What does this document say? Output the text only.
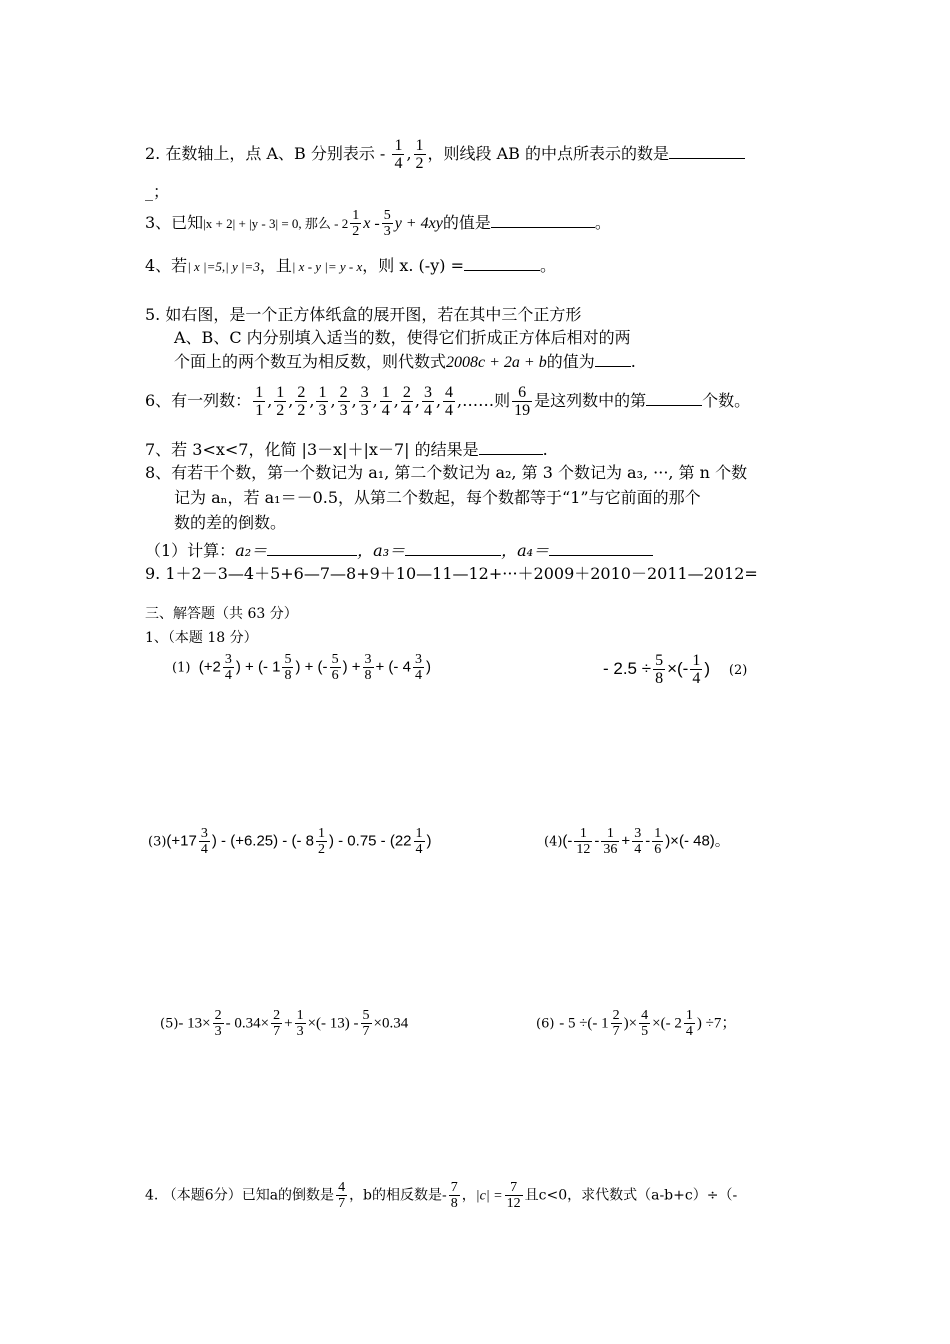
2. 在数轴上，点 A、B 分别表示 - $\frac{1}{4}$ , $\frac{1}{2}$ ，则线段 AB 的中点所表示的数是
_；
3、已知|x + 2| + |y - 3| = 0, 那么 - $2 \frac{1}{2}$ x - $\frac{5}{3}$ y + 4xy的值是	。
4、若| x |=5,| y |=3，且| x - y |= y - x，则 x. (-y) =	。
5. 如右图，是一个正方体纸盒的展开图，若在其中三个正方形
A、B、C 内分别填入适当的数，使得它们折成正方体后相对的两
个面上的两个数互为相反数，则代数式2008c + 2a + b的值为 .
6、有一列数： $\frac{1}{1}$ , $\frac{1}{2}$ , $\frac{2}{2}$ , $\frac{1}{3}$ , $\frac{2}{3}$ , $\frac{3}{3}$ , $\frac{1}{4}$ , $\frac{2}{4}$ , $\frac{3}{4}$ , $\frac{4}{4}$ ,……则 $\frac{6}{19}$ 是这列数中的第	个数。
7、若 3<x<7，化简 |3－x|＋|x－7| 的结果是	.
8、有若干个数，第一个数记为 a₁, 第二个数记为 a₂, 第 3 个数记为 a₃, ···, 第 n 个数
记为 aₙ，若 a₁＝－0.5，从第二个数起，每个数都等于“1”与它前面的那个
数的差的倒数。
（1）计算：a₂＝	，a₃＝	，a₄＝
9. 1＋2－3—4＋5+6—7—8+9＋10—11—12+···＋2009＋2010－2011—2012=
三、解答题（共 63 分）
1、（本题 18 分）
(1) ($+2 \frac{3}{4}$ ) + (- $1 \frac{5}{8}$ ) + (- $\frac{5}{6}$ ) + $\frac{3}{8}$ + (- $4 \frac{3}{4}$ )	- $2.5 \div \frac{5}{8}$ ×(- $\frac{1}{4}$ ) (2)
$(3)(+17 \frac{3}{4}$ ) - (+6.25) - (- $8 \frac{1}{2}$ ) - $0.75 - (22 \frac{1}{4}$ )	$(4)(- \frac{1}{12} - \frac{1}{36} + \frac{3}{4} - \frac{1}{6}$ )×(- 48)。
(5)- $13\times \frac{2}{3} - 0.34\times \frac{2}{7} + \frac{1}{3}$ ×(- $13) - \frac{5}{7} \times 0.34$	(6) - 5 ÷(- $1 \frac{2}{7}$ )× $\frac{4}{5}$ ×(- $2 \frac{1}{4}$ ) ÷7；
4. （本题6分）已知a的倒数是 $\frac{4}{7}$ ，b的相反数是- $\frac{7}{8}$ ，$|c| = \frac{7}{12}$ 且c<0，求代数式（a-b+c）÷（-
